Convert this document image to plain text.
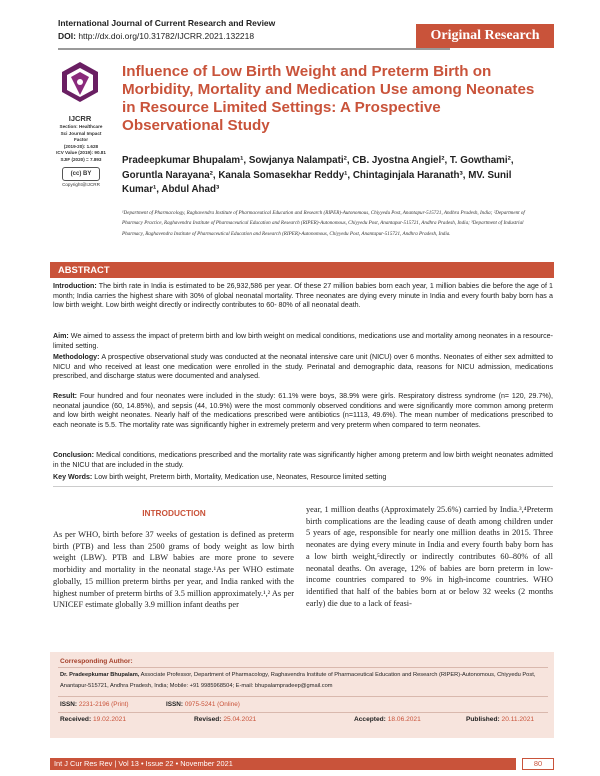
International Journal of Current Research and Review
DOI: http://dx.doi.org/10.31782/IJCRR.2021.132218	Original Research
IJCRR
Section: Healthcare
Sci Journal Impact Factor
(2019-20): 1.628
ICV Value (2019): 90.81
SJIF (2020) = 7.893
(cc) BY
Copyright@IJCRR
Influence of Low Birth Weight and Preterm Birth on Morbidity, Mortality and Medication Use among Neonates in Resource Limited Settings: A Prospective Observational Study
Pradeepkumar Bhupalam¹, Sowjanya Nalampati², CB. Jyostna Angiel², T. Gowthami², Goruntla Narayana², Kanala Somasekhar Reddy¹, Chintaginjala Haranath³, MV. Sunil Kumar¹, Abdul Ahad³
¹Department of Pharmacology, Raghavendra Institute of Pharmaceutical Education and Research (RIPER)-Autonomous, Chiyyedu Post, Anantapur-515721, Andhra Pradesh, India; ²Department of Pharmacy Practice, Raghavendra Institute of Pharmaceutical Education and Research (RIPER)-Autonomous, Chiyyedu Post, Anantapur-515721, Andhra Pradesh, India; ³Department of Industrial Pharmacy, Raghavendra Institute of Pharmaceutical Education and Research (RIPER)-Autonomous, Chiyyedu Post, Anantapur-515721, Andhra Pradesh, India.
ABSTRACT
Introduction: The birth rate in India is estimated to be 26,932,586 per year. Of these 27 million babies born each year, 1 million babies die before the age of 1 month; India carries the highest share with 30% of global neonatal mortality. Three neonates are dying every minute in India and every fourth baby born has a low birth weight. Low birth weight directly or indirectly contributes to 60- 80% of all neonatal death.
Aim: We aimed to assess the impact of preterm birth and low birth weight on medical conditions, medications use and mortality among neonates in a resource-limited setting.
Methodology: A prospective observational study was conducted at the neonatal intensive care unit (NICU) over 6 months. Neonates of either sex admitted to NICU and who received at least one medication were enrolled in the study. Perinatal and demographic data, reasons for NICU admission, medications prescribed, and discharge status were documented and analysed.
Result: Four hundred and four neonates were included in the study: 61.1% were boys, 38.9% were girls. Respiratory distress syndrome (n= 120, 29.7%), neonatal jaundice (60, 14.85%), and sepsis (44, 10.9%) were the most commonly observed conditions and were significantly more common among preterm and low birth weight neonates. Nearly half of the medications prescribed were antibiotics (n=1113, 49.6%). The mean number of medications prescribed to each neonate is 5.5. The mortality rate was significantly higher in extremely preterm and very preterm when compared to term neonates.
Conclusion: Medical conditions, medications prescribed and the mortality rate was significantly higher among preterm and low birth weight neonates admitted in the NICU that are included in the study.
Key Words: Low birth weight, Preterm birth, Mortality, Medication use, Neonates, Resource limited setting
INTRODUCTION
As per WHO, birth before 37 weeks of gestation is defined as preterm birth (PTB) and less than 2500 grams of body weight as low birth weight (LBW). PTB and LBW babies are more prone to severe morbidity and mortality in the neonatal stage.¹As per WHO estimate globally, 15 million preterm births per year, and India ranked with the highest number of preterm births of 3.5 million approximately.¹,² As per UNICEF estimate globally 3.9 million infant deaths per
year, 1 million deaths (Approximately 25.6%) carried by India.³,⁴Preterm birth complications are the leading cause of death among children under 5 years of age, responsible for nearly one million deaths in 2015. Three neonates are dying every minute in India and every fourth baby born has a low birth weight,⁵directly or indirectly contributes 60–80% of all neonatal deaths. On average, 12% of babies are born preterm in low-income countries compared to 9% in high-income countries. WHO identified that half of the babies born at or below 32 weeks (2 months early) die due to a lack of feasi-
Corresponding Author:
Dr. Pradeepkumar Bhupalam, Associate Professor, Department of Pharmacology, Raghavendra Institute of Pharmaceutical Education and Research (RIPER)-Autonomous, Chiyyedu Post, Anantapur-515721, Andhra Pradesh, India; Mobile: +91 9985968504; E-mail: bhupalampradeep@gmail.com
ISSN: 2231-2196 (Print)	ISSN: 0975-5241 (Online)
Received: 19.02.2021	Revised: 25.04.2021	Accepted: 18.06.2021	Published: 20.11.2021
Int J Cur Res Rev | Vol 13 • Issue 22 • November 2021	80
